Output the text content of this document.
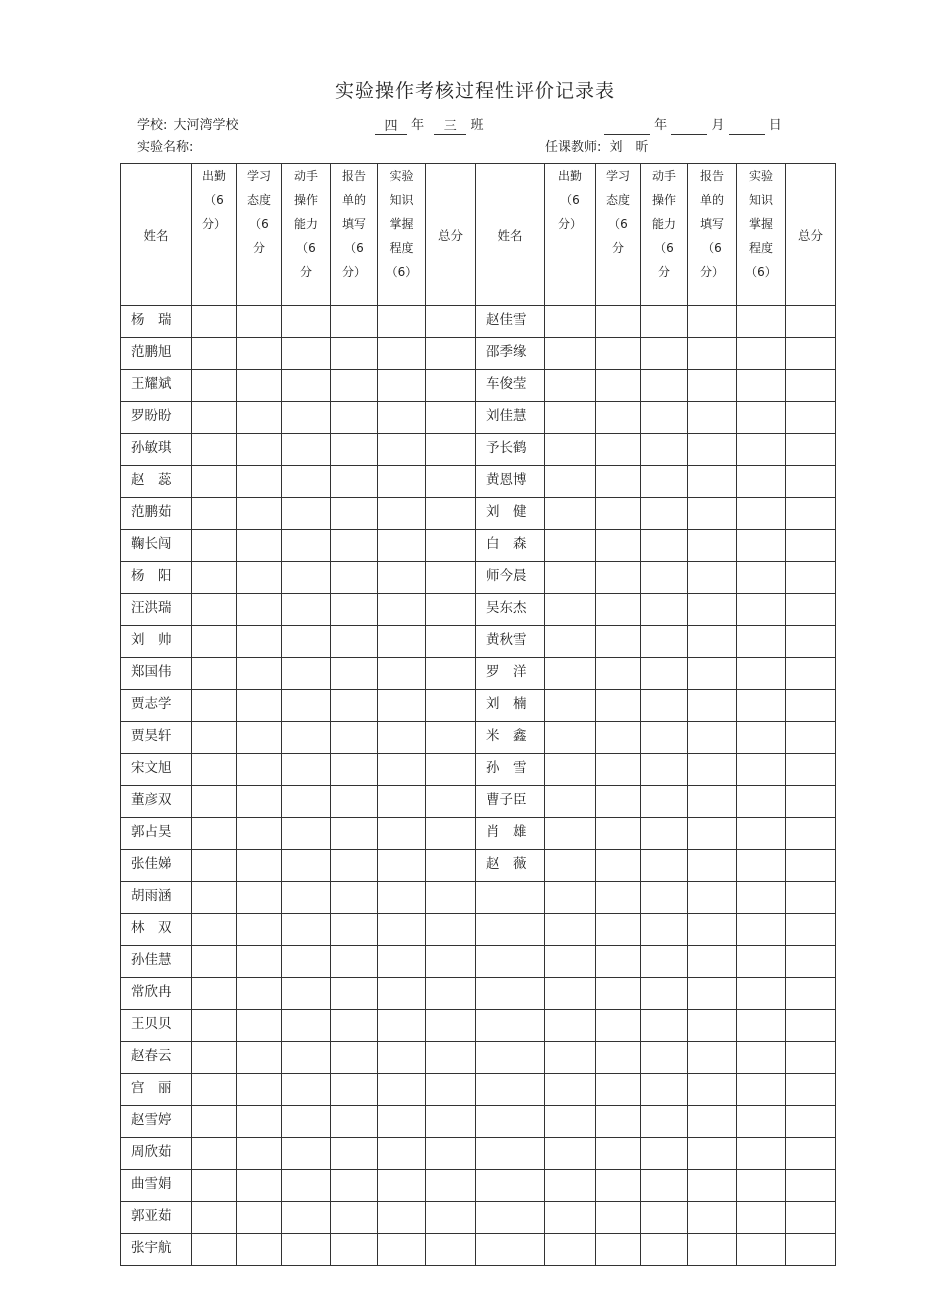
实验操作考核过程性评价记录表
学校: 大河湾学校	四 年 三 班	年	月	日
实验名称:	任课教师: 刘　昕
姓名	出勤
（6
分）	学习
态度
（6
分	动手
操作
能力
（6
分	报告
单的
填写
（6
分）	实验
知识
掌握
程度
（6）	总分	姓名	出勤
（6
分）	学习
态度
（6
分	动手
操作
能力
（6
分	报告
单的
填写
（6
分）	实验
知识
掌握
程度
（6）	总分
杨　瑞							赵佳雪						
范鹏旭							邵季缘						
王耀斌							车俊莹						
罗盼盼							刘佳慧						
孙敏琪							予长鹤						
赵　蕊							黄恩博						
范鹏茹							刘　健						
鞠长闯							白　森						
杨　阳							师今晨						
汪洪瑞							吴东杰						
刘　帅							黄秋雪						
郑国伟							罗　洋						
贾志学							刘　楠						
贾昊轩							米　鑫						
宋文旭							孙　雪						
董彦双							曹子臣						
郭占昊							肖　雄						
张佳娣							赵　薇						
胡雨涵													
林　双													
孙佳慧													
常欣冉													
王贝贝													
赵春云													
宫　丽													
赵雪婷													
周欣茹													
曲雪娟													
郭亚茹													
张宇航													
